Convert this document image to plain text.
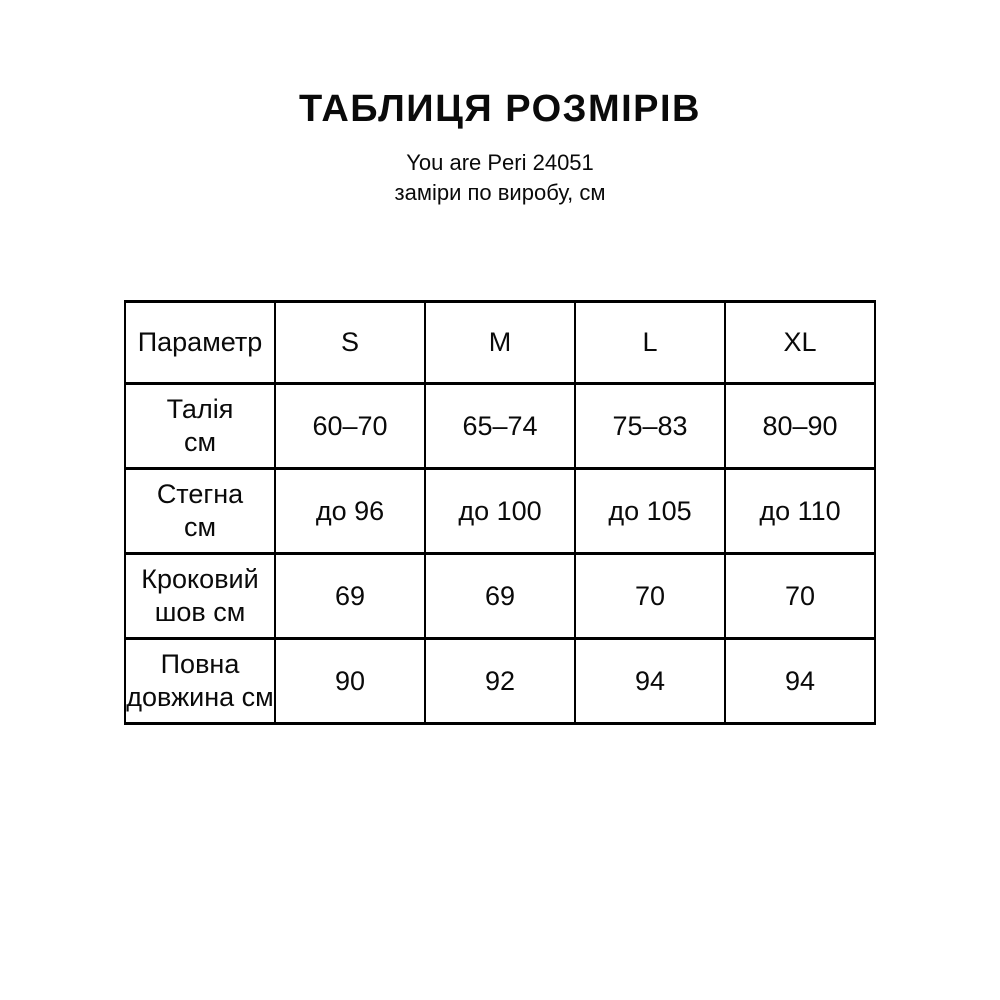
ТАБЛИЦЯ РОЗМІРІВ
You are Peri 24051
заміри по виробу, см
Параметр	S	M	L	XL

Талія
см	60–70	65–74	75–83	80–90

Стегна
см	до 96	до 100	до 105	до 110

Кроковий
шов см	69	69	70	70

Повна
довжина см	90	92	94	94
